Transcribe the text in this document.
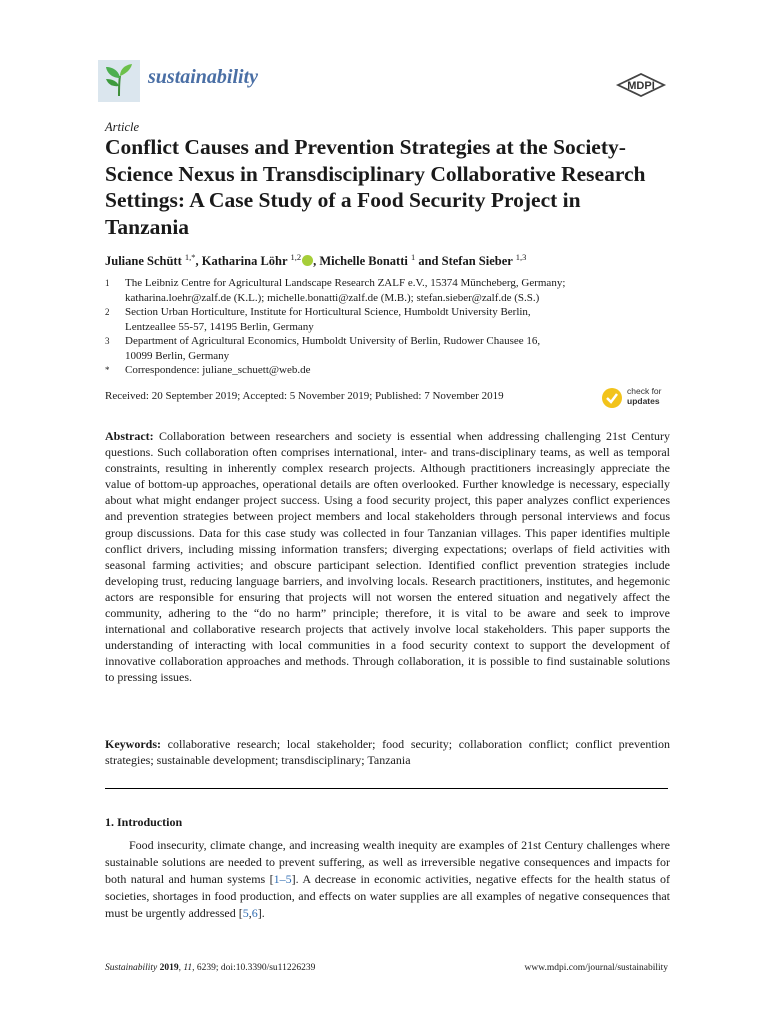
sustainability	MDPI
Article
Conflict Causes and Prevention Strategies at the Society-Science Nexus in Transdisciplinary Collaborative Research Settings: A Case Study of a Food Security Project in Tanzania
Juliane Schütt $^{1,*}$, Katharina Löhr $^{1,2}$ , Michelle Bonatti $^1$ and Stefan Sieber $^{1,3}$
1 The Leibniz Centre for Agricultural Landscape Research ZALF e.V., 15374 Müncheberg, Germany;
katharina.loehr@zalf.de (K.L.); michelle.bonatti@zalf.de (M.B.); stefan.sieber@zalf.de (S.S.)
2 Section Urban Horticulture, Institute for Horticultural Science, Humboldt University Berlin,
Lentzeallee 55-57, 14195 Berlin, Germany
3 Department of Agricultural Economics, Humboldt University of Berlin, Rudower Chausee 16,
10099 Berlin, Germany
* Correspondence: juliane_schuett@web.de
Received: 20 September 2019; Accepted: 5 November 2019; Published: 7 November 2019	check for
updates
Abstract: Collaboration between researchers and society is essential when addressing challenging 21st Century questions. Such collaboration often comprises international, inter- and trans-disciplinary teams, as well as temporal constraints, resulting in inherently complex research projects. Although practitioners increasingly appreciate the value of bottom-up approaches, operational details are often overlooked. Further knowledge is necessary, especially about what might endanger project success. Using a food security project, this paper analyzes conflict experiences and prevention strategies between project members and local stakeholders through personal interviews and focus group discussions. Data for this case study was collected in four Tanzanian villages. This paper identifies multiple conflict drivers, including missing information transfers; diverging expectations; overlaps of field activities with seasonal farming activities; and obscure participant selection. Identified conflict prevention strategies include developing trust, reducing language barriers, and involving locals. Research practitioners, institutes, and hegemonic actors are responsible for ensuring that projects will not worsen the entered situation and negatively affect the community, adhering to the “do no harm” principle; therefore, it is vital to be aware and seek to improve international and collaborative research projects that actively involve local stakeholders. This paper supports the understanding of interacting with local communities in a food security context to support the development of innovative collaboration approaches and methods. Through collaboration, it is possible to find sustainable solutions to pressing issues.
Keywords: collaborative research; local stakeholder; food security; collaboration conflict; conflict prevention strategies; sustainable development; transdisciplinary; Tanzania
1. Introduction
Food insecurity, climate change, and increasing wealth inequity are examples of 21st Century challenges where sustainable solutions are needed to prevent suffering, as well as irreversible negative consequences and impacts for both natural and human systems [1–5]. A decrease in economic activities, negative effects for the health status of societies, shortages in food production, and effects on water supplies are all examples of negative consequences that must be urgently addressed [5,6].
Sustainability 2019, 11, 6239; doi:10.3390/su11226239	www.mdpi.com/journal/sustainability
